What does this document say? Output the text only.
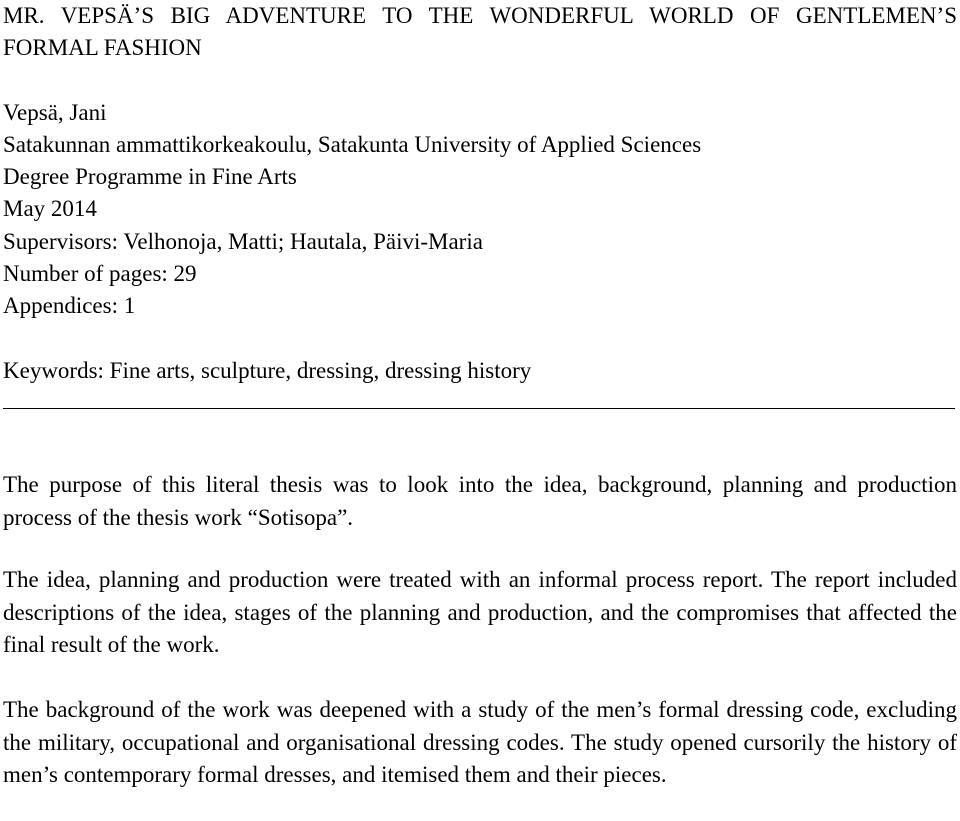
MR. VEPSÄ’S BIG ADVENTURE TO THE WONDERFUL WORLD OF GENTLEMEN’S FORMAL FASHION
Vepsä, Jani
Satakunnan ammattikorkeakoulu, Satakunta University of Applied Sciences
Degree Programme in Fine Arts
May 2014
Supervisors: Velhonoja, Matti; Hautala, Päivi-Maria
Number of pages: 29
Appendices: 1
Keywords: Fine arts, sculpture, dressing, dressing history
The purpose of this literal thesis was to look into the idea, background, planning and production process of the thesis work “Sotisopa”.
The idea, planning and production were treated with an informal process report. The report included descriptions of the idea, stages of the planning and production, and the compromises that affected the final result of the work.
The background of the work was deepened with a study of the men’s formal dressing code, excluding the military, occupational and organisational dressing codes. The study opened cursorily the history of men’s contemporary formal dresses, and itemised them and their pieces.
